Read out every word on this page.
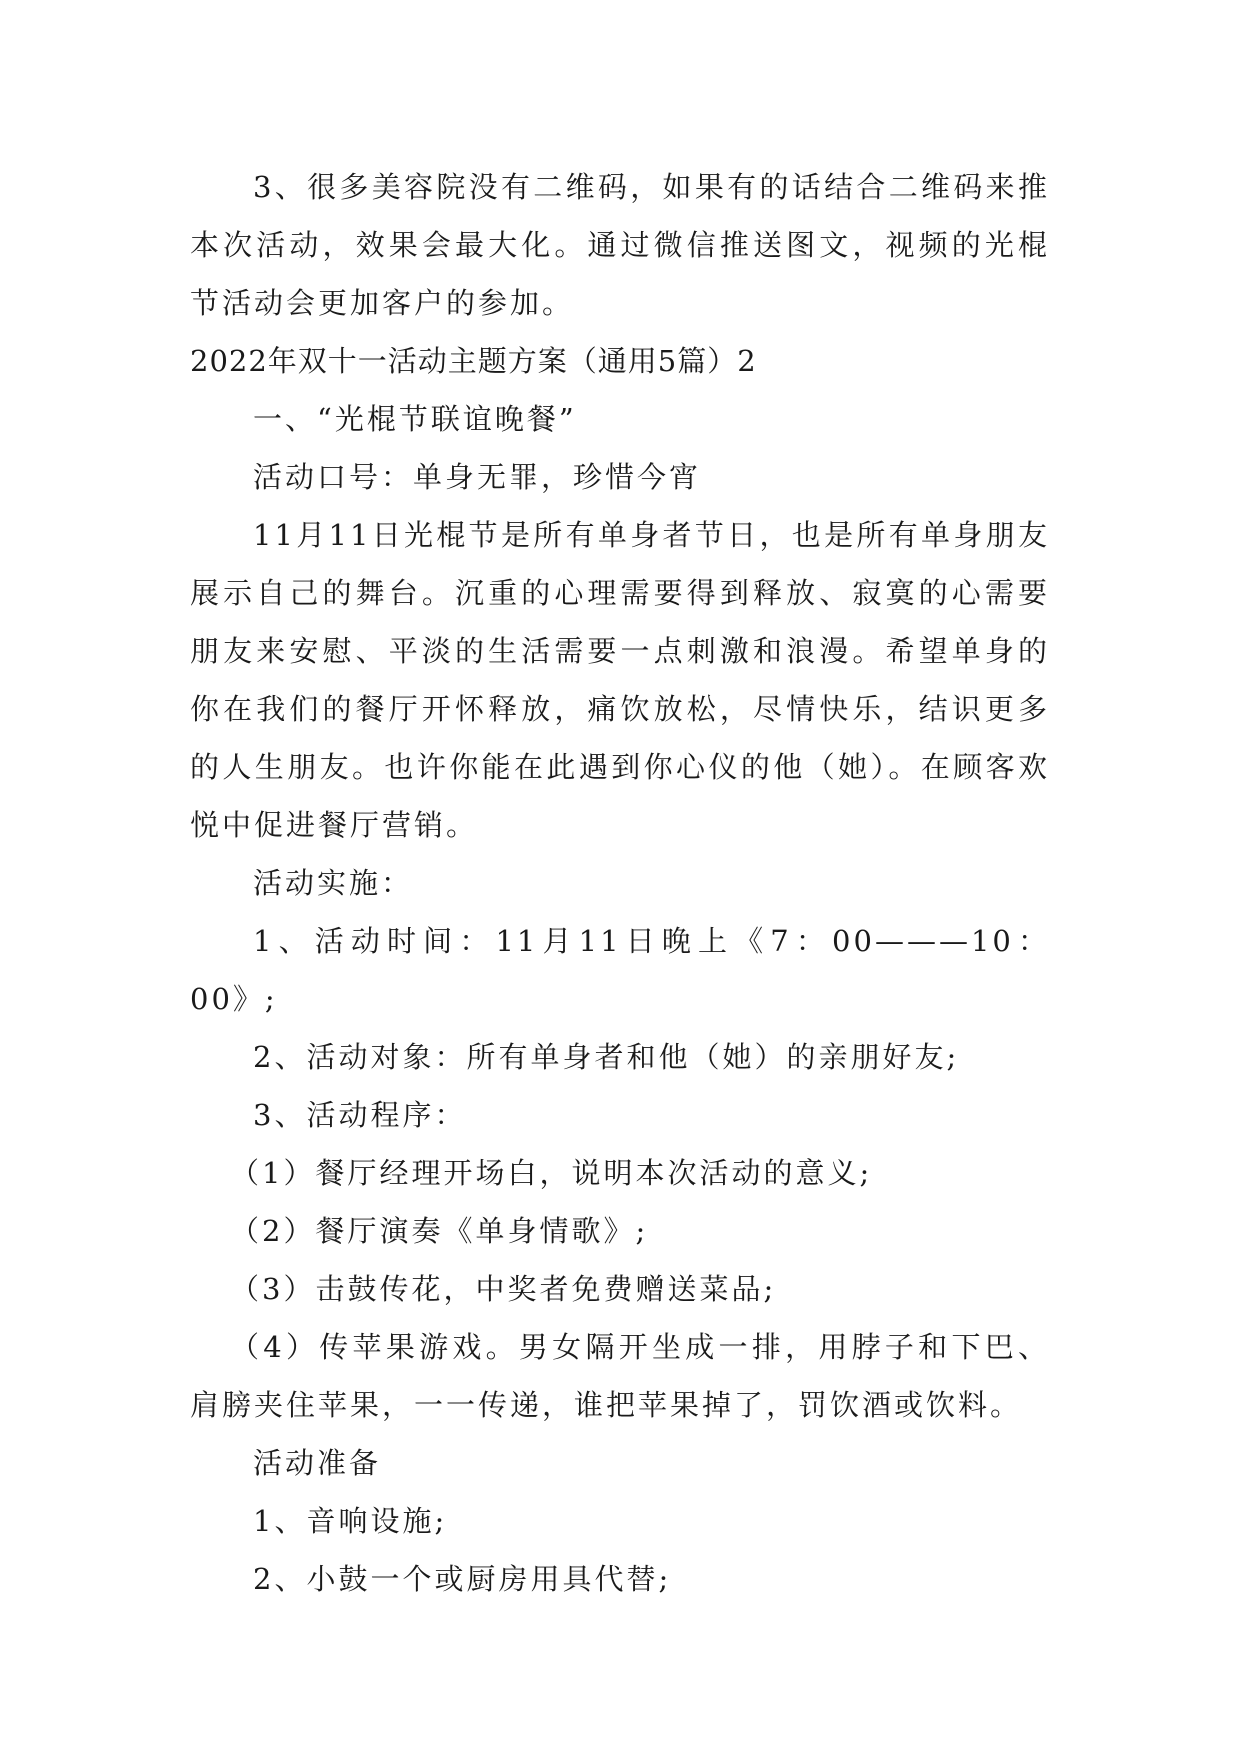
3、很多美容院没有二维码，如果有的话结合二维码来推本次活动，效果会最大化。通过微信推送图文，视频的光棍节活动会更加客户的参加。

2022年双十一活动主题方案（通用5篇）2

一、“光棍节联谊晚餐”

活动口号：单身无罪，珍惜今宵

11月11日光棍节是所有单身者节日，也是所有单身朋友展示自己的舞台。沉重的心理需要得到释放、寂寞的心需要朋友来安慰、平淡的生活需要一点刺激和浪漫。希望单身的你在我们的餐厅开怀释放，痛饮放松，尽情快乐，结识更多的人生朋友。也许你能在此遇到你心仪的他（她）。在顾客欢悦中促进餐厅营销。

活动实施：

1、活动时间：11月11日晚上《7：00———10：00》;

2、活动对象：所有单身者和他（她）的亲朋好友;

3、活动程序：

（1）餐厅经理开场白，说明本次活动的意义;

（2）餐厅演奏《单身情歌》;

（3）击鼓传花，中奖者免费赠送菜品;

（4）传苹果游戏。男女隔开坐成一排，用脖子和下巴、肩膀夹住苹果，一一传递，谁把苹果掉了，罚饮酒或饮料。

活动准备

1、音响设施;

2、小鼓一个或厨房用具代替;
